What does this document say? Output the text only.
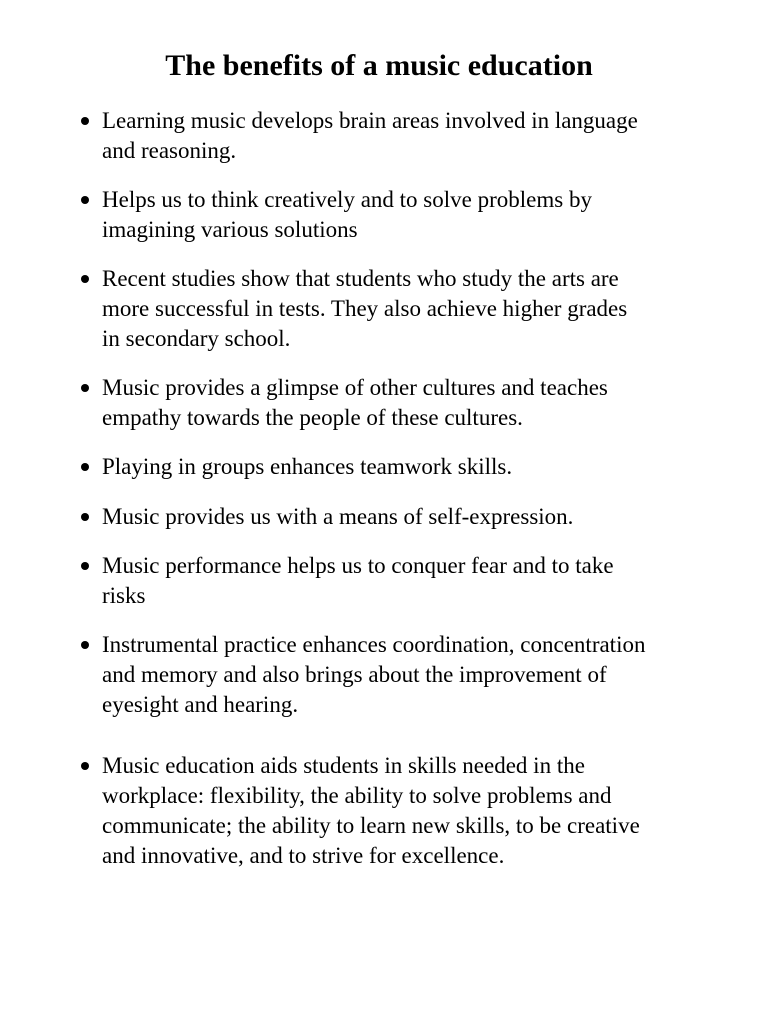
The benefits of a music education
Learning music develops brain areas involved in language
and reasoning.
Helps us to think creatively and to solve problems by
imagining various solutions
Recent studies show that students who study the arts are
more successful in tests. They also achieve higher grades
in secondary school.
Music provides a glimpse of other cultures and teaches
empathy towards the people of these cultures.
Playing in groups enhances teamwork skills.
Music provides us with a means of self-expression.
Music performance helps us to conquer fear and to take
risks
Instrumental practice enhances coordination, concentration
and memory and also brings about the improvement of
eyesight and hearing.
Music education aids students in skills needed in the
workplace: flexibility, the ability to solve problems and
communicate; the ability to learn new skills, to be creative
and innovative, and to strive for excellence.
